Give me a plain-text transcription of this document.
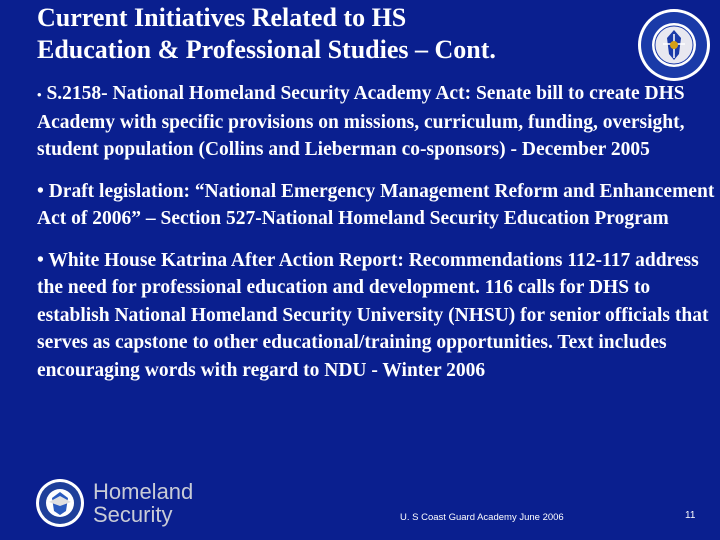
Current Initiatives Related to HS
Education & Professional Studies – Cont.
• S.2158- National Homeland Security Academy Act: Senate bill to create DHS Academy with specific provisions on missions, curriculum, funding, oversight, student population (Collins and Lieberman co-sponsors) - December 2005
• Draft legislation: “National Emergency Management Reform and Enhancement Act of 2006” – Section 527-National Homeland Security Education Program
• White House Katrina After Action Report: Recommendations 112-117 address the need for professional education and development. 116 calls for DHS to establish National Homeland Security University (NHSU) for senior officials that serves as capstone to other educational/training opportunities. Text includes encouraging words with regard to NDU - Winter 2006
Homeland
Security	U. S Coast Guard Academy June 2006	11
